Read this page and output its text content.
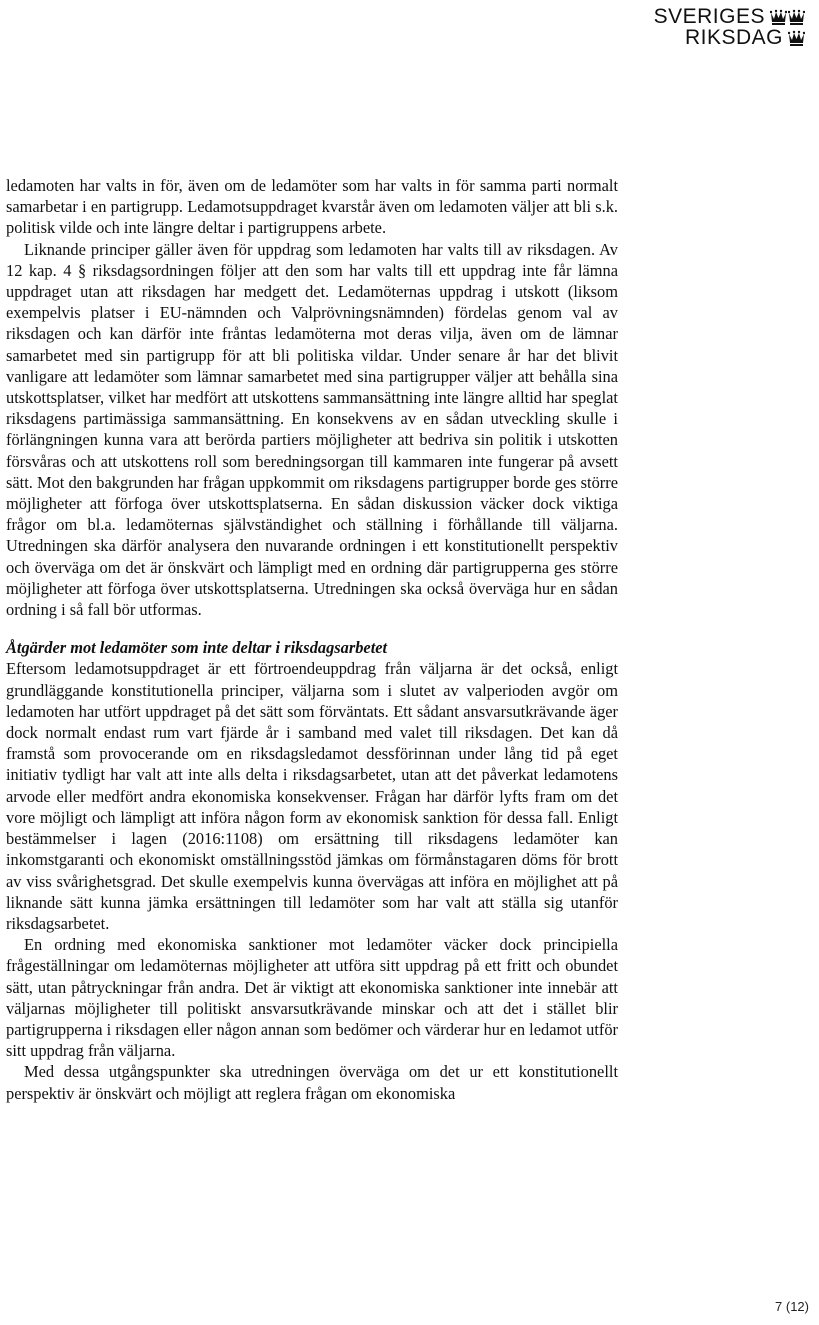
SVERIGES
RIKSDAG

ledamoten har valts in för, även om de ledamöter som har valts in för samma parti normalt samarbetar i en partigrupp. Ledamotsuppdraget kvarstår även om ledamoten väljer att bli s.k. politisk vilde och inte längre deltar i partigruppens arbete.

Liknande principer gäller även för uppdrag som ledamoten har valts till av riksdagen. Av 12 kap. 4 § riksdagsordningen följer att den som har valts till ett uppdrag inte får lämna uppdraget utan att riksdagen har medgett det. Ledamöternas uppdrag i utskott (liksom exempelvis platser i EU-nämnden och Valprövningsnämnden) fördelas genom val av riksdagen och kan därför inte fråntas ledamöterna mot deras vilja, även om de lämnar samarbetet med sin partigrupp för att bli politiska vildar. Under senare år har det blivit vanligare att ledamöter som lämnar samarbetet med sina partigrupper väljer att behålla sina utskottsplatser, vilket har medfört att utskottens sammansättning inte längre alltid har speglat riksdagens partimässiga sammansättning. En konsekvens av en sådan utveckling skulle i förlängningen kunna vara att berörda partiers möjligheter att bedriva sin politik i utskotten försvåras och att utskottens roll som beredningsorgan till kammaren inte fungerar på avsett sätt. Mot den bakgrunden har frågan uppkommit om riksdagens partigrupper borde ges större möjligheter att förfoga över utskottsplatserna. En sådan diskussion väcker dock viktiga frågor om bl.a. ledamöternas självständighet och ställning i förhållande till väljarna. Utredningen ska därför analysera den nuvarande ordningen i ett konstitutionellt perspektiv och överväga om det är önskvärt och lämpligt med en ordning där partigrupperna ges större möjligheter att förfoga över utskottsplatserna. Utredningen ska också överväga hur en sådan ordning i så fall bör utformas.

Åtgärder mot ledamöter som inte deltar i riksdagsarbetet

Eftersom ledamotsuppdraget är ett förtroendeuppdrag från väljarna är det också, enligt grundläggande konstitutionella principer, väljarna som i slutet av valperioden avgör om ledamoten har utfört uppdraget på det sätt som förväntats. Ett sådant ansvarsutkrävande äger dock normalt endast rum vart fjärde år i samband med valet till riksdagen. Det kan då framstå som provocerande om en riksdagsledamot dessförinnan under lång tid på eget initiativ tydligt har valt att inte alls delta i riksdagsarbetet, utan att det påverkat ledamotens arvode eller medfört andra ekonomiska konsekvenser. Frågan har därför lyfts fram om det vore möjligt och lämpligt att införa någon form av ekonomisk sanktion för dessa fall. Enligt bestämmelser i lagen (2016:1108) om ersättning till riksdagens ledamöter kan inkomstgaranti och ekonomiskt omställningsstöd jämkas om förmånstagaren döms för brott av viss svårighetsgrad. Det skulle exempelvis kunna övervägas att införa en möjlighet att på liknande sätt kunna jämka ersättningen till ledamöter som har valt att ställa sig utanför riksdagsarbetet.

En ordning med ekonomiska sanktioner mot ledamöter väcker dock principiella frågeställningar om ledamöternas möjligheter att utföra sitt uppdrag på ett fritt och obundet sätt, utan påtryckningar från andra. Det är viktigt att ekonomiska sanktioner inte innebär att väljarnas möjligheter till politiskt ansvarsutkrävande minskar och att det i stället blir partigrupperna i riksdagen eller någon annan som bedömer och värderar hur en ledamot utför sitt uppdrag från väljarna.

Med dessa utgångspunkter ska utredningen överväga om det ur ett konstitutionellt perspektiv är önskvärt och möjligt att reglera frågan om ekonomiska

7 (12)
